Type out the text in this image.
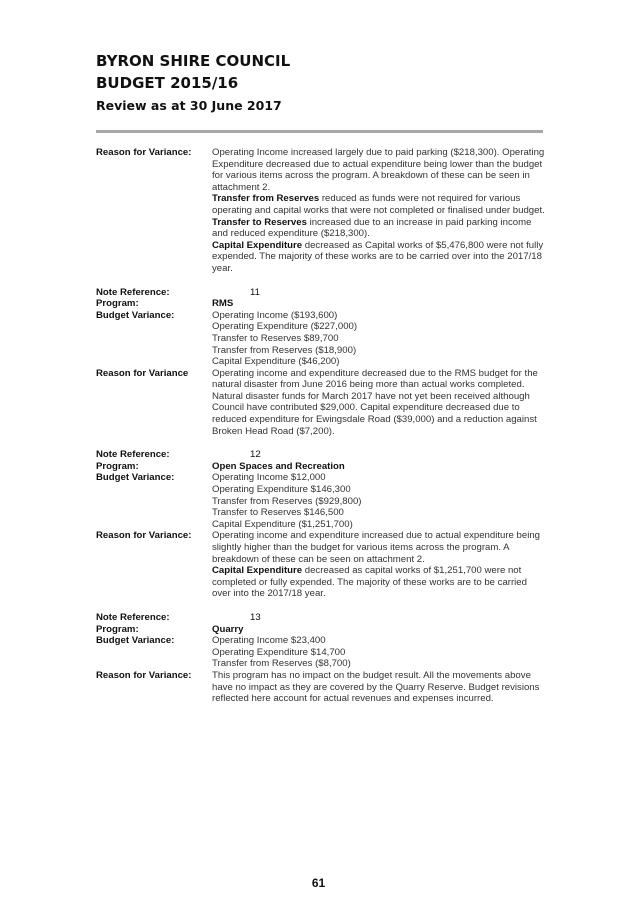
BYRON SHIRE COUNCIL
BUDGET 2015/16
Review as at 30 June 2017
Reason for Variance:	Operating Income increased largely due to paid parking ($218,300). Operating Expenditure decreased due to actual expenditure being lower than the budget for various items across the program. A breakdown of these can be seen in attachment 2.
Transfer from Reserves reduced as funds were not required for various operating and capital works that were not completed or finalised under budget.
Transfer to Reserves increased due to an increase in paid parking income and reduced expenditure ($218,300).
Capital Expenditure decreased as Capital works of $5,476,800 were not fully expended. The majority of these works are to be carried over into the 2017/18 year.
Note Reference:	11
Program:	RMS
Budget Variance:	Operating Income ($193,600)
Operating Expenditure ($227,000)
Transfer to Reserves $89,700
Transfer from Reserves ($18,900)
Capital Expenditure ($46,200)
Reason for Variance	Operating income and expenditure decreased due to the RMS budget for the natural disaster from June 2016 being more than actual works completed. Natural disaster funds for March 2017 have not yet been received although Council have contributed $29,000. Capital expenditure decreased due to reduced expenditure for Ewingsdale Road ($39,000) and a reduction against Broken Head Road ($7,200).
Note Reference:	12
Program:	Open Spaces and Recreation
Budget Variance:	Operating Income $12,000
Operating Expenditure $146,300
Transfer from Reserves ($929,800)
Transfer to Reserves $146,500
Capital Expenditure ($1,251,700)
Reason for Variance:	Operating income and expenditure increased due to actual expenditure being slightly higher than the budget for various items across the program. A breakdown of these can be seen on attachment 2.
Capital Expenditure decreased as capital works of $1,251,700 were not completed or fully expended. The majority of these works are to be carried over into the 2017/18 year.
Note Reference:	13
Program:	Quarry
Budget Variance:	Operating Income $23,400
Operating Expenditure $14,700
Transfer from Reserves ($8,700)
Reason for Variance:	This program has no impact on the budget result. All the movements above have no impact as they are covered by the Quarry Reserve. Budget revisions reflected here account for actual revenues and expenses incurred.
61
